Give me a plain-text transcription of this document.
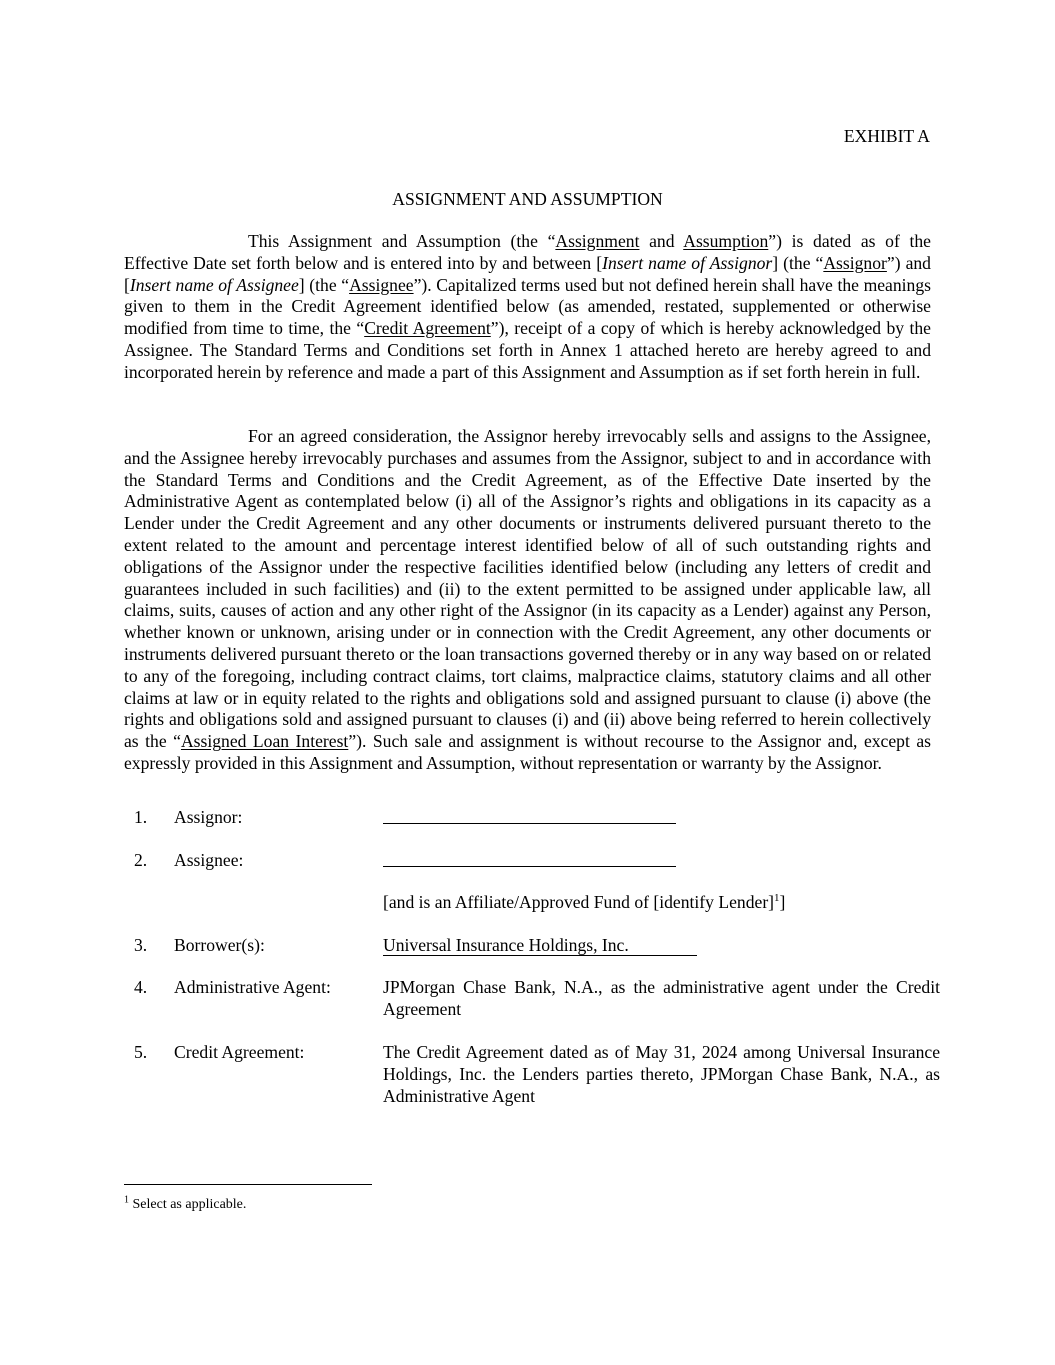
EXHIBIT A
ASSIGNMENT AND ASSUMPTION

This Assignment and Assumption (the “Assignment and Assumption”) is dated as of the Effective Date set forth below and is entered into by and between [Insert name of Assignor] (the “Assignor”) and [Insert name of Assignee] (the “Assignee”). Capitalized terms used but not defined herein shall have the meanings given to them in the Credit Agreement identified below (as amended, restated, supplemented or otherwise modified from time to time, the “Credit Agreement”), receipt of a copy of which is hereby acknowledged by the Assignee. The Standard Terms and Conditions set forth in Annex 1 attached hereto are hereby agreed to and incorporated herein by reference and made a part of this Assignment and Assumption as if set forth herein in full.

For an agreed consideration, the Assignor hereby irrevocably sells and assigns to the Assignee, and the Assignee hereby irrevocably purchases and assumes from the Assignor, subject to and in accordance with the Standard Terms and Conditions and the Credit Agreement, as of the Effective Date inserted by the Administrative Agent as contemplated below (i) all of the Assignor’s rights and obligations in its capacity as a Lender under the Credit Agreement and any other documents or instruments delivered pursuant thereto to the extent related to the amount and percentage interest identified below of all of such outstanding rights and obligations of the Assignor under the respective facilities identified below (including any letters of credit and guarantees included in such facilities) and (ii) to the extent permitted to be assigned under applicable law, all claims, suits, causes of action and any other right of the Assignor (in its capacity as a Lender) against any Person, whether known or unknown, arising under or in connection with the Credit Agreement, any other documents or instruments delivered pursuant thereto or the loan transactions governed thereby or in any way based on or related to any of the foregoing, including contract claims, tort claims, malpractice claims, statutory claims and all other claims at law or in equity related to the rights and obligations sold and assigned pursuant to clause (i) above (the rights and obligations sold and assigned pursuant to clauses (i) and (ii) above being referred to herein collectively as the “Assigned Loan Interest”). Such sale and assignment is without recourse to the Assignor and, except as expressly provided in this Assignment and Assumption, without representation or warranty by the Assignor.

1. Assignor:
2. Assignee:
[and is an Affiliate/Approved Fund of [identify Lender]$^1$]
3. Borrower(s):	Universal Insurance Holdings, Inc.
4. Administrative Agent:	JPMorgan Chase Bank, N.A., as the administrative agent under the Credit Agreement
5. Credit Agreement:	The Credit Agreement dated as of May 31, 2024 among Universal Insurance Holdings, Inc. the Lenders parties thereto, JPMorgan Chase Bank, N.A., as Administrative Agent
$^1$ Select as applicable.
